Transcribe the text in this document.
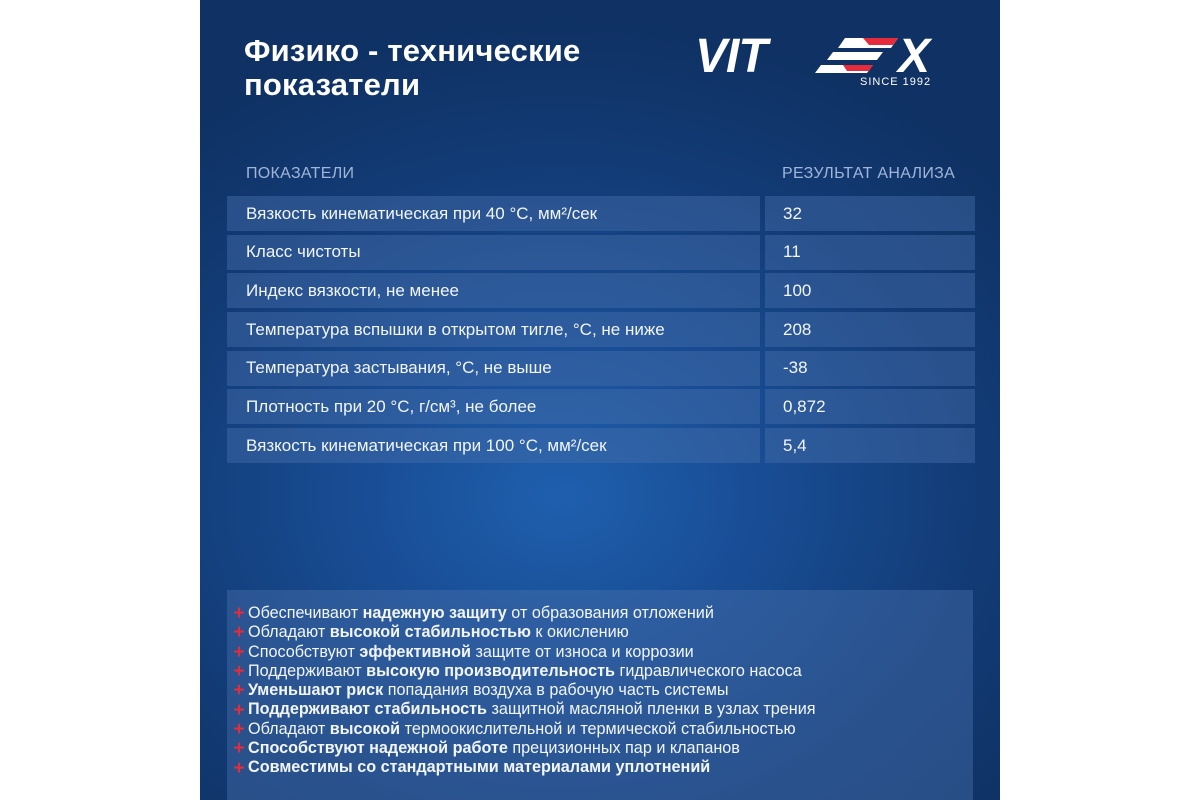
Физико - технические показатели
VIT	X
SINCE 1992
ПОКАЗАТЕЛИ	РЕЗУЛЬТАТ АНАЛИЗА
Вязкость кинематическая при 40 °С, мм²/сек	32
Класс чистоты	11
Индекс вязкости, не менее	100
Температура вспышки в открытом тигле, °С, не ниже	208
Температура застывания, °С, не выше	-38
Плотность при 20 °С, г/см³, не более	0,872
Вязкость кинематическая при 100 °С, мм²/сек	5,4
+ Обеспечивают надежную защиту от образования отложений
+ Обладают высокой стабильностью к окислению
+ Способствуют эффективной защите от износа и коррозии
+ Поддерживают высокую производительность гидравлического насоса
+ Уменьшают риск попадания воздуха в рабочую часть системы
+ Поддерживают стабильность защитной масляной пленки в узлах трения
+ Обладают высокой термоокислительной и термической стабильностью
+ Способствуют надежной работе прецизионных пар и клапанов
+ Совместимы со стандартными материалами уплотнений
